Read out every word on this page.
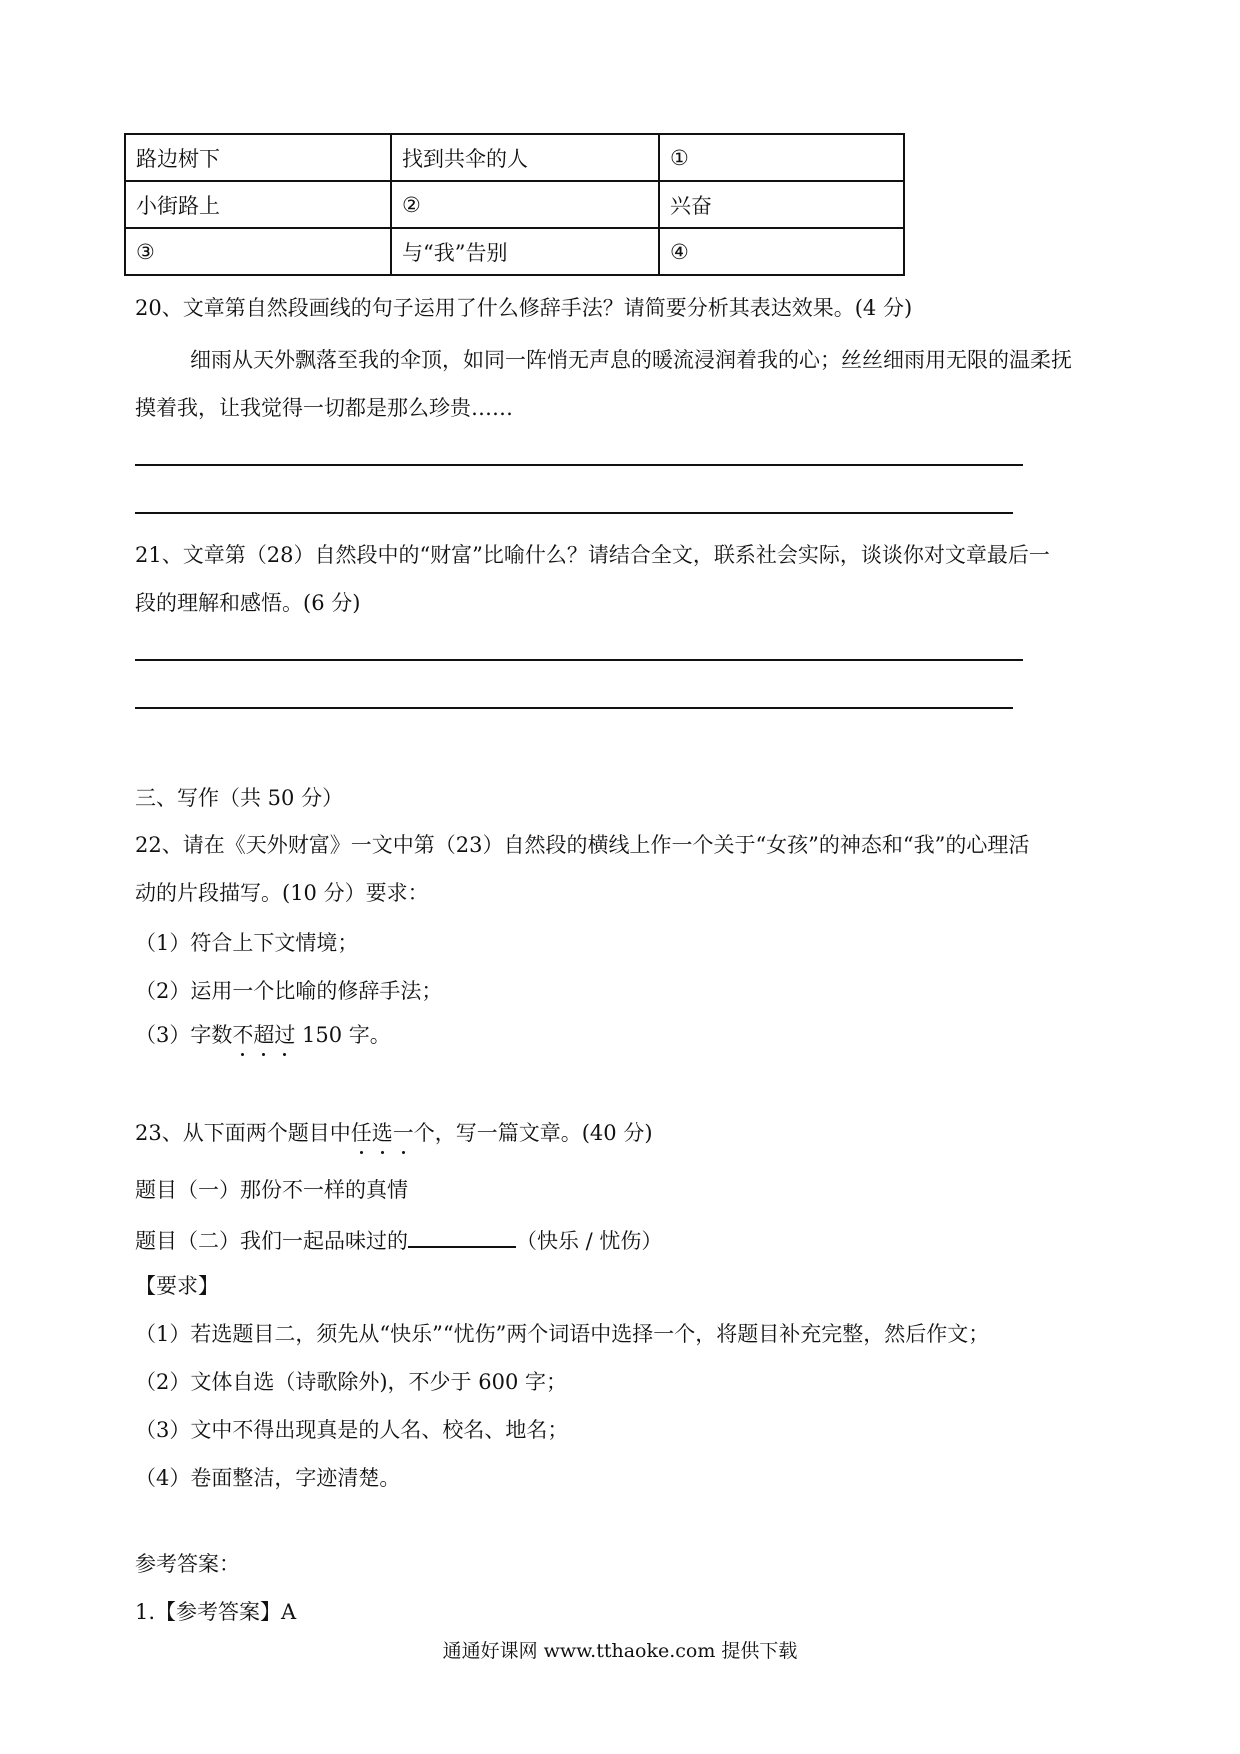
路边树下	找到共伞的人	①
小街路上	②	兴奋
③	与“我”告别	④
20、文章第自然段画线的句子运用了什么修辞手法？请简要分析其表达效果。(4 分)
细雨从天外飘落至我的伞顶，如同一阵悄无声息的暖流浸润着我的心；丝丝细雨用无限的温柔抚
摸着我，让我觉得一切都是那么珍贵……
21、文章第（28）自然段中的“财富”比喻什么？请结合全文，联系社会实际，谈谈你对文章最后一
段的理解和感悟。(6 分)
三、写作（共 50 分）
22、请在《天外财富》一文中第（23）自然段的横线上作一个关于“女孩”的神态和“我”的心理活
动的片段描写。(10 分）要求：
（1）符合上下文情境；
（2）运用一个比喻的修辞手法；
（3）字数不超过 150 字。
23、从下面两个题目中任选一个，写一篇文章。(40 分)
题目（一）那份不一样的真情
题目（二）我们一起品味过的	（快乐 / 忧伤）
【要求】
（1）若选题目二，须先从“快乐”“忧伤”两个词语中选择一个，将题目补充完整，然后作文；
（2）文体自选（诗歌除外)，不少于 600 字；
（3）文中不得出现真是的人名、校名、地名；
（4）卷面整洁，字迹清楚。
参考答案：
1.【参考答案】A
通通好课网 www.tthaoke.com 提供下载
